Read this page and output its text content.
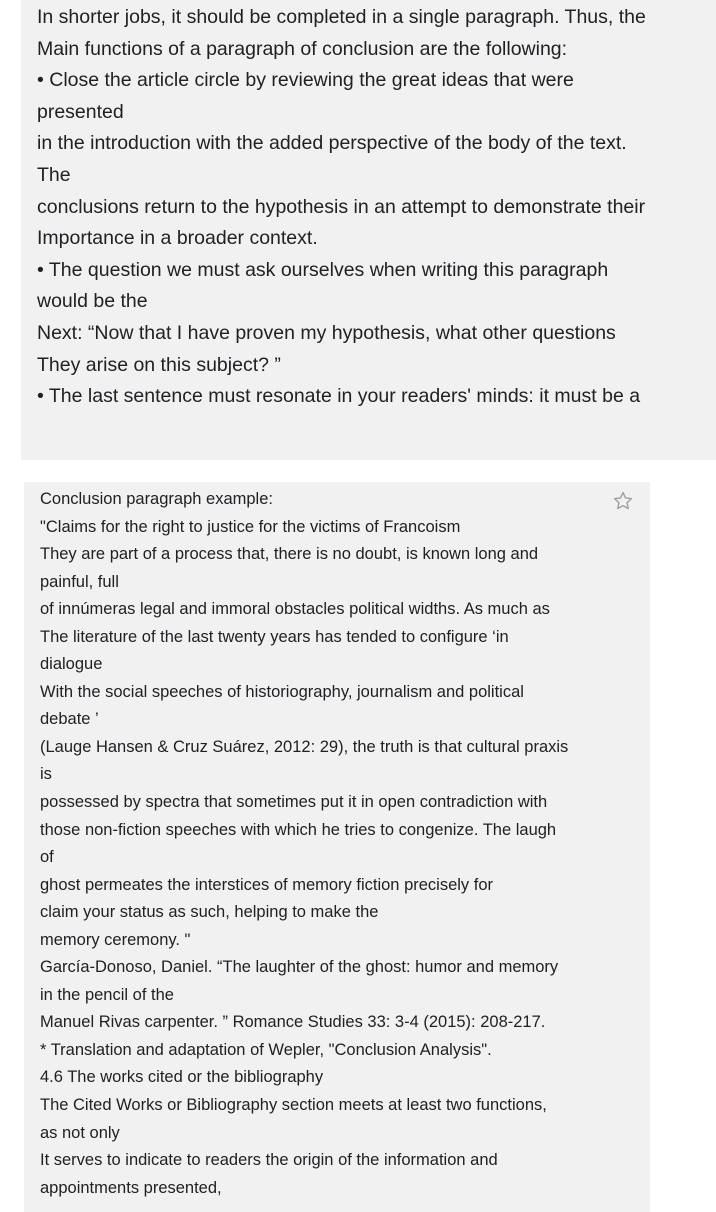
In shorter jobs, it should be completed in a single paragraph. Thus, the

Main functions of a paragraph of conclusion are the following:

• Close the article circle by reviewing the great ideas that were

presented

in the introduction with the added perspective of the body of the text.

The

conclusions return to the hypothesis in an attempt to demonstrate their

Importance in a broader context.

• The question we must ask ourselves when writing this paragraph

would be the

Next: “Now that I have proven my hypothesis, what other questions

They arise on this subject? ”

• The last sentence must resonate in your readers' minds: it must be a

Conclusion paragraph example:

"Claims for the right to justice for the victims of Francoism

They are part of a process that, there is no doubt, is known long and

painful, full

of innúmeras legal and immoral obstacles political widths. As much as

The literature of the last twenty years has tended to configure ‘in

dialogue

With the social speeches of historiography, journalism and political

debate ’

(Lauge Hansen & Cruz Suárez, 2012: 29), the truth is that cultural praxis

is

possessed by spectra that sometimes put it in open contradiction with

those non-fiction speeches with which he tries to congenize. The laugh

of

ghost permeates the interstices of memory fiction precisely for

claim your status as such, helping to make the

memory ceremony. "

García-Donoso, Daniel. “The laughter of the ghost: humor and memory

in the pencil of the

Manuel Rivas carpenter. ” Romance Studies 33: 3-4 (2015): 208-217.

* Translation and adaptation of Wepler, "Conclusion Analysis".

4.6 The works cited or the bibliography

The Cited Works or Bibliography section meets at least two functions,

as not only

It serves to indicate to readers the origin of the information and

appointments presented,
